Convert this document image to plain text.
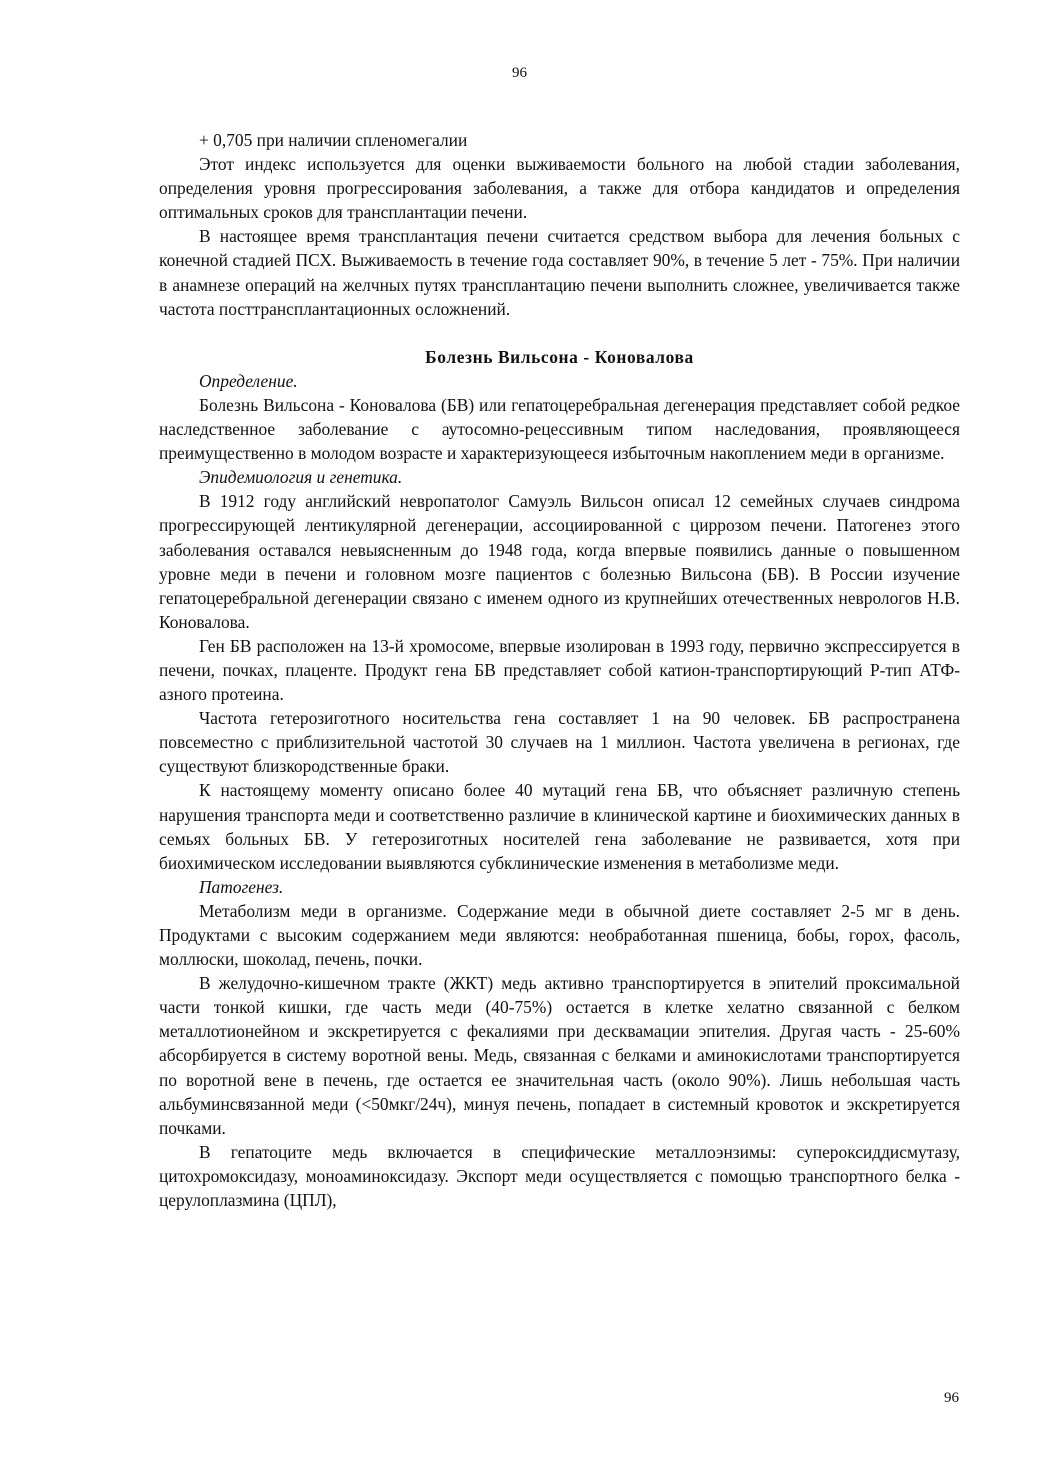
96

+ 0,705 при наличии спленомегалии

Этот индекс используется для оценки выживаемости больного на любой стадии заболевания, определения уровня прогрессирования заболевания, а также для отбора кандидатов и определения оптимальных сроков для трансплантации печени.

В настоящее время трансплантация печени считается средством выбора для лечения больных с конечной стадией ПСХ. Выживаемость в течение года составляет 90%, в течение 5 лет - 75%. При наличии в анамнезе операций на желчных путях трансплантацию печени выполнить сложнее, увеличивается также частота посттрансплантационных осложнений.

Болезнь Вильсона - Коновалова

Определение.

Болезнь Вильсона - Коновалова (БВ) или гепатоцеребральная дегенерация представляет собой редкое наследственное заболевание с аутосомно-рецессивным типом наследования, проявляющееся преимущественно в молодом возрасте и характеризующееся избыточным накоплением меди в организме.

Эпидемиология и генетика.

В 1912 году английский невропатолог Самуэль Вильсон описал 12 семейных случаев синдрома прогрессирующей лентикулярной дегенерации, ассоциированной с циррозом печени. Патогенез этого заболевания оставался невыясненным до 1948 года, когда впервые появились данные о повышенном уровне меди в печени и головном мозге пациентов с болезнью Вильсона (БВ). В России изучение гепатоцеребральной дегенерации связано с именем одного из крупнейших отечественных неврологов Н.В. Коновалова.

Ген БВ расположен на 13-й хромосоме, впервые изолирован в 1993 году, первично экспрессируется в печени, почках, плаценте. Продукт гена БВ представляет собой катион-транспортирующий Р-тип АТФ-азного протеина.

Частота гетерозиготного носительства гена составляет 1 на 90 человек. БВ распространена повсеместно с приблизительной частотой 30 случаев на 1 миллион. Частота увеличена в регионах, где существуют близкородственные браки.

К настоящему моменту описано более 40 мутаций гена БВ, что объясняет различную степень нарушения транспорта меди и соответственно различие в клинической картине и биохимических данных в семьях больных БВ. У гетерозиготных носителей гена заболевание не развивается, хотя при биохимическом исследовании выявляются субклинические изменения в метаболизме меди.

Патогенез.

Метаболизм меди в организме. Содержание меди в обычной диете составляет 2-5 мг в день. Продуктами с высоким содержанием меди являются: необработанная пшеница, бобы, горох, фасоль, моллюски, шоколад, печень, почки.

В желудочно-кишечном тракте (ЖКТ) медь активно транспортируется в эпителий проксимальной части тонкой кишки, где часть меди (40-75%) остается в клетке хелатно связанной с белком металлотионейном и экскретируется с фекалиями при десквамации эпителия. Другая часть - 25-60% абсорбируется в систему воротной вены. Медь, связанная с белками и аминокислотами транспортируется по воротной вене в печень, где остается ее значительная часть (около 90%). Лишь небольшая часть альбуминсвязанной меди (<50мкг/24ч), минуя печень, попадает в системный кровоток и экскретируется почками.

В гепатоците медь включается в специфические металлоэнзимы: супероксиддисмутазу, цитохромоксидазу, моноаминоксидазу. Экспорт меди осуществляется с помощью транспортного белка - церулоплазмина (ЦПЛ),

96
